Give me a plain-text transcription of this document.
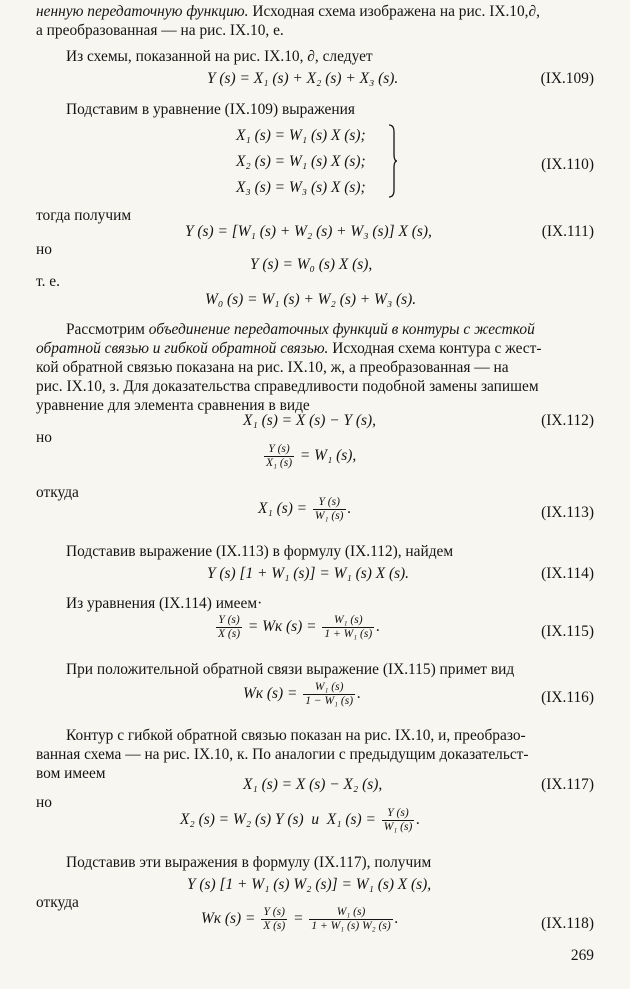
ненную передаточную функцию. Исходная схема изображена на рис. IX.10,∂,
а преобразованная — на рис. IX.10, е.
Из схемы, показанной на рис. IX.10, ∂, следует
Y (s) = X₁ (s) + X₂ (s) + X₃ (s).	(IX.109)
Подставим в уравнение (IX.109) выражения
X₁ (s) = W₁ (s) X (s);
X₂ (s) = W₁ (s) X (s);
X₃ (s) = W₃ (s) X (s);
(IX.110)
тогда получим
Y (s) = [W₁ (s) + W₂ (s) + W₃ (s)] X (s),	(IX.111)
но
Y (s) = W₀ (s) X (s),
т. е.
W₀ (s) = W₁ (s) + W₂ (s) + W₃ (s).
Рассмотрим объединение передаточных функций в контуры с жесткой
обратной связью и гибкой обратной связью. Исходная схема контура с жест-
кой обратной связью показана на рис. IX.10, ж, а преобразованная — на
рис. IX.10, з. Для доказательства справедливости подобной замены запишем
уравнение для элемента сравнения в виде
X₁ (s) = X (s) − Y (s),	(IX.112)
но
$\frac{Y (s)}{\text{X₁ (s)}} = W_1$ (s),
откуда
X₁ $(s) = \frac{Y (s)}{\text{W₁ (s)}}$ .	(IX.113)
Подставив выражение (IX.113) в формулу (IX.112), найдем
Y (s) [1 + W₁ (s)] = W₁ (s) X (s).	(IX.114)
Из уравнения (IX.114) имеем·
$\frac{Y (s)}{X (s)}$ = Wк $(s) = \frac{\text{W₁ (s)}}{\text{1 + W₁ (s)}}$ .	(IX.115)
При положительной обратной связи выражение (IX.115) примет вид
Wк $(s) = \frac{\text{W₁ (s)}}{\text{1 − W₁ (s)}}$ .	(IX.116)
Контур с гибкой обратной связью показан на рис. IX.10, и, преобразо-
ванная схема — на рис. IX.10, к. По аналогии с предыдущим доказательст-
вом имеем
X₁ (s) = X (s) − X₂ (s),	(IX.117)
но
X₂ (s) = W₂ (s) Y (s)  и  X₁ $(s) = \frac{Y (s)}{\text{W₁ (s)}}$ .
Подставив эти выражения в формулу (IX.117), получим
Y (s) [1 + W₁ (s) W₂ (s)] = W₁ (s) X (s),
откуда
Wк $(s) = \frac{Y (s)}{X (s)} = \frac{\text{W₁ (s)}}{\text{1 + W₁ (s) W₂ (s)}}$ .	(IX.118)
269
